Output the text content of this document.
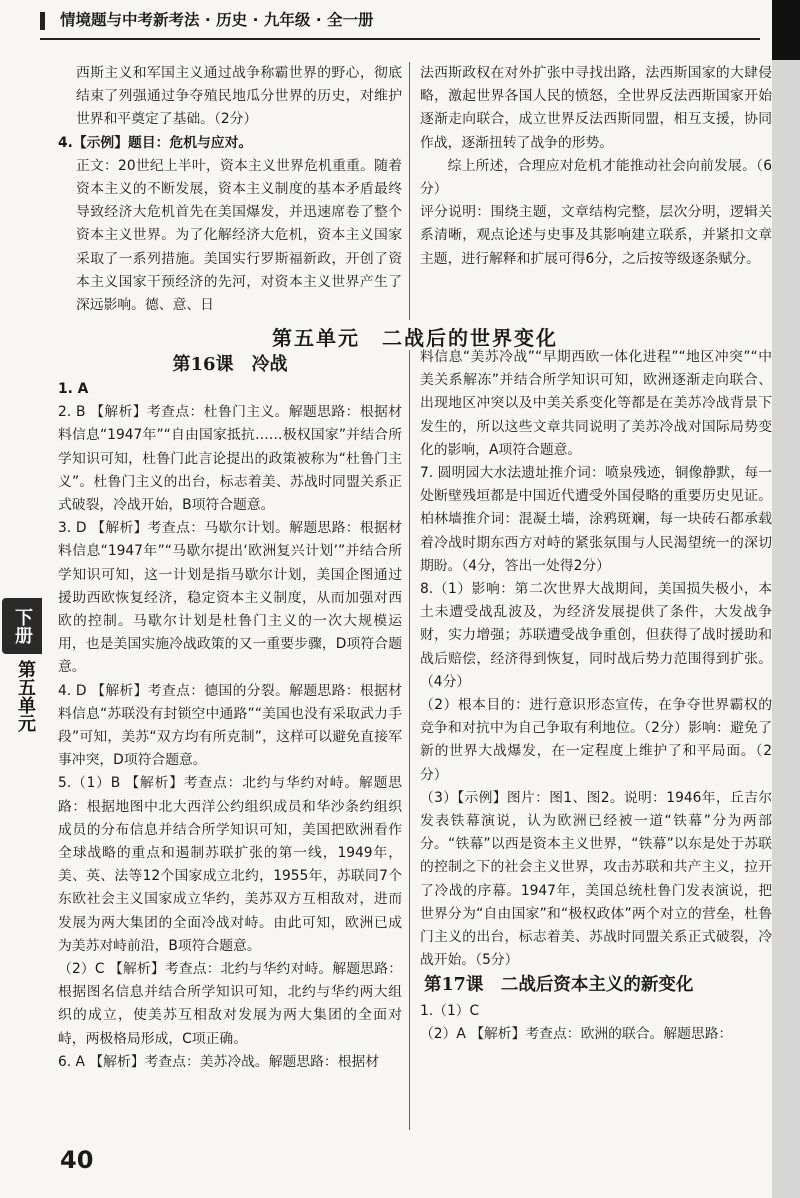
情境题与中考新考法 · 历史 · 九年级 · 全一册
下册
第五单元

西斯主义和军国主义通过战争称霸世界的野心，彻底结束了列强通过争夺殖民地瓜分世界的历史，对维护世界和平奠定了基础。（2分）

4.【示例】题目：危机与应对。

正文：20世纪上半叶，资本主义世界危机重重。随着资本主义的不断发展，资本主义制度的基本矛盾最终导致经济大危机首先在美国爆发，并迅速席卷了整个资本主义世界。为了化解经济大危机，资本主义国家采取了一系列措施。美国实行罗斯福新政，开创了资本主义国家干预经济的先河，对资本主义世界产生了深远影响。德、意、日

法西斯政权在对外扩张中寻找出路，法西斯国家的大肆侵略，激起世界各国人民的愤怒，全世界反法西斯国家开始逐渐走向联合，成立世界反法西斯同盟，相互支援，协同作战，逐渐扭转了战争的形势。

综上所述，合理应对危机才能推动社会向前发展。（6分）

评分说明：围绕主题，文章结构完整，层次分明，逻辑关系清晰，观点论述与史事及其影响建立联系，并紧扣文章主题，进行解释和扩展可得6分，之后按等级逐条赋分。

第五单元　二战后的世界变化
第16课　冷战

1. A

2. B 【解析】考查点：杜鲁门主义。解题思路：根据材料信息“1947年”“自由国家抵抗……极权国家”并结合所学知识可知，杜鲁门此言论提出的政策被称为“杜鲁门主义”。杜鲁门主义的出台，标志着美、苏战时同盟关系正式破裂，冷战开始，B项符合题意。

3. D 【解析】考查点：马歇尔计划。解题思路：根据材料信息“1947年”“马歇尔提出‘欧洲复兴计划’”并结合所学知识可知，这一计划是指马歇尔计划，美国企图通过援助西欧恢复经济，稳定资本主义制度，从而加强对西欧的控制。马歇尔计划是杜鲁门主义的一次大规模运用，也是美国实施冷战政策的又一重要步骤，D项符合题意。

4. D 【解析】考查点：德国的分裂。解题思路：根据材料信息“苏联没有封锁空中通路”“美国也没有采取武力手段”可知，美苏“双方均有所克制”，这样可以避免直接军事冲突，D项符合题意。

5.（1）B 【解析】考查点：北约与华约对峙。解题思路：根据地图中北大西洋公约组织成员和华沙条约组织成员的分布信息并结合所学知识可知，美国把欧洲看作全球战略的重点和遏制苏联扩张的第一线，1949年，美、英、法等12个国家成立北约，1955年，苏联同7个东欧社会主义国家成立华约，美苏双方互相敌对，进而发展为两大集团的全面冷战对峙。由此可知，欧洲已成为美苏对峙前沿，B项符合题意。

（2）C 【解析】考查点：北约与华约对峙。解题思路：根据图名信息并结合所学知识可知，北约与华约两大组织的成立，使美苏互相敌对发展为两大集团的全面对峙，两极格局形成，C项正确。

6. A 【解析】考查点：美苏冷战。解题思路：根据材

料信息“美苏冷战”“早期西欧一体化进程”“地区冲突”“中美关系解冻”并结合所学知识可知，欧洲逐渐走向联合、出现地区冲突以及中美关系变化等都是在美苏冷战背景下发生的，所以这些文章共同说明了美苏冷战对国际局势变化的影响，A项符合题意。

7. 圆明园大水法遗址推介词：喷泉残迹，铜像静默，每一处断壁残垣都是中国近代遭受外国侵略的重要历史见证。柏林墙推介词：混凝土墙，涂鸦斑斓，每一块砖石都承载着冷战时期东西方对峙的紧张氛围与人民渴望统一的深切期盼。（4分，答出一处得2分）

8.（1）影响：第二次世界大战期间，美国损失极小，本土未遭受战乱波及，为经济发展提供了条件，大发战争财，实力增强；苏联遭受战争重创，但获得了战时援助和战后赔偿，经济得到恢复，同时战后势力范围得到扩张。（4分）

（2）根本目的：进行意识形态宣传，在争夺世界霸权的竞争和对抗中为自己争取有利地位。（2分）影响：避免了新的世界大战爆发，在一定程度上维护了和平局面。（2分）

（3）【示例】图片：图1、图2。说明：1946年，丘吉尔发表铁幕演说，认为欧洲已经被一道“铁幕”分为两部分。“铁幕”以西是资本主义世界，“铁幕”以东是处于苏联的控制之下的社会主义世界，攻击苏联和共产主义，拉开了冷战的序幕。1947年，美国总统杜鲁门发表演说，把世界分为“自由国家”和“极权政体”两个对立的营垒，杜鲁门主义的出台，标志着美、苏战时同盟关系正式破裂，冷战开始。（5分）

第17课　二战后资本主义的新变化

1.（1）C

（2）A 【解析】考查点：欧洲的联合。解题思路：

40
